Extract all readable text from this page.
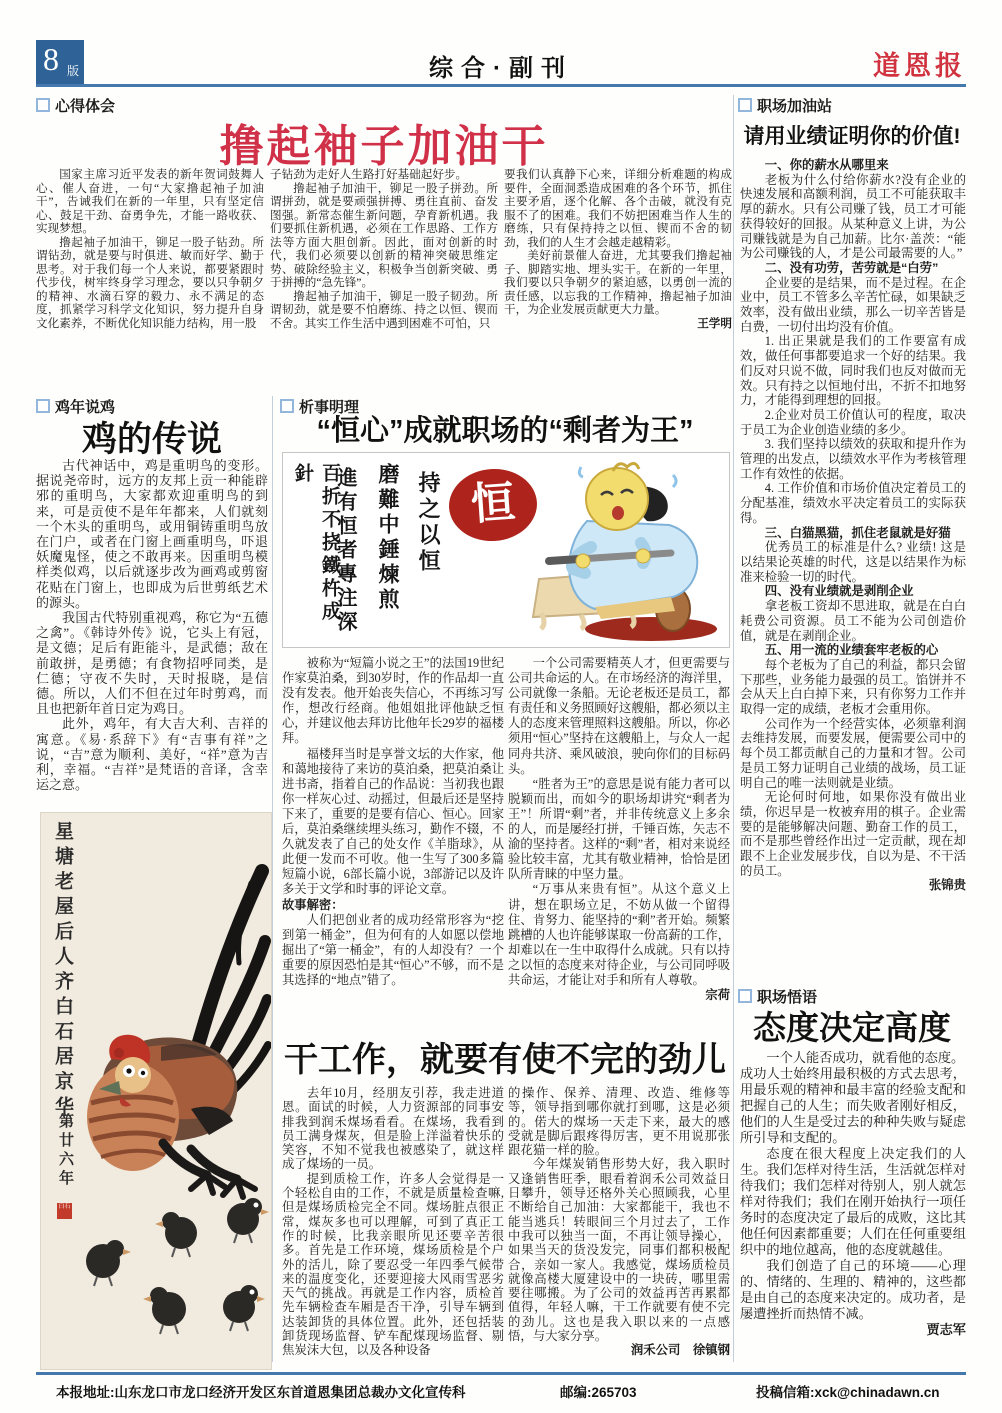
8 版	综合·副刊	道恩报
心得体会
撸起袖子加油干

国家主席习近平发表的新年贺词鼓舞人心、催人奋进，一句“大家撸起袖子加油干”，告诫我们在新的一年里，只有坚定信心、鼓足干劲、奋勇争先，才能一路收获、实现梦想。

撸起袖子加油干，铆足一股子钻劲。所谓钻劲，就是要与时俱进、敏而好学、勤于思考。对于我们每一个人来说，都要紧跟时代步伐，树牢终身学习理念，要以只争朝夕的精神、水滴石穿的毅力、永不满足的态度，抓紧学习科学文化知识，努力提升自身文化素养，不断优化知识能力结构，用一股

子钻劲为走好人生路打好基础起好步。

撸起袖子加油干，铆足一股子拼劲。所谓拼劲，就是要顽强拼搏、勇往直前、奋发图强。新常态催生新问题，孕育新机遇。我们要抓住新机遇，必须在工作思路、工作方法等方面大胆创新。因此，面对创新的时代，我们必须要以创新的精神突破思维定势、破除经验主义，积极争当创新突破、勇于拼搏的“急先锋”。

撸起袖子加油干，铆足一股子韧劲。所谓韧劲，就是要不怕磨练、持之以恒、锲而不舍。其实工作生活中遇到困难不可怕，只

要我们认真静下心来，详细分析难题的构成要件，全面洞悉造成困难的各个环节，抓住主要矛盾，逐个化解、各个击破，就没有克服不了的困难。我们不妨把困难当作人生的磨练，只有保持持之以恒、锲而不舍的韧劲，我们的人生才会越走越精彩。

美好前景催人奋进，尤其要我们撸起袖子、脚踏实地、埋头实干。在新的一年里，我们要以只争朝夕的紧迫感，以勇创一流的责任感，以忘我的工作精神，撸起袖子加油干，为企业发展贡献更大力量。

王学明

职场加油站
请用业绩证明你的价值!

一、你的薪水从哪里来

老板为什么付给你薪水?没有企业的快速发展和高额利润，员工不可能获取丰厚的薪水。只有公司赚了钱，员工才可能获得较好的回报。从某种意义上讲，为公司赚钱就是为自己加薪。比尔·盖茨：“能为公司赚钱的人，才是公司最需要的人。”

二、没有功劳，苦劳就是“白劳”

企业要的是结果，而不是过程。在企业中，员工不管多么辛苦忙碌，如果缺乏效率，没有做出业绩，那么一切辛苦皆是白费，一切付出均没有价值。

1. 出正果就是我们的工作要富有成效，做任何事都要追求一个好的结果。我们反对只说不做，同时我们也反对做而无效。只有持之以恒地付出，不折不扣地努力，才能得到理想的回报。

2.企业对员工价值认可的程度，取决于员工为企业创造业绩的多少。

3. 我们坚持以绩效的获取和提升作为管理的出发点，以绩效水平作为考核管理工作有效性的依据。

4. 工作价值和市场价值决定着员工的分配基准，绩效水平决定着员工的实际获得。

三、白猫黑猫，抓住老鼠就是好猫

优秀员工的标准是什么? 业绩! 这是以结果论英雄的时代，这是以结果作为标准来检验一切的时代。

四、没有业绩就是剥削企业

拿老板工资却不思进取，就是在白白耗费公司资源。员工不能为公司创造价值，就是在剥削企业。

五、用一流的业绩套牢老板的心

每个老板为了自己的利益，都只会留下那些，业务能力最强的员工。馅饼并不会从天上白白掉下来，只有你努力工作并取得一定的成绩，老板才会重用你。

公司作为一个经营实体，必须靠利润去维持发展，而要发展，便需要公司中的每个员工都贡献自己的力量和才智。公司是员工努力证明自己业绩的战场，员工证明自己的唯一法则就是业绩。

无论何时何地，如果你没有做出业绩，你迟早是一枚被弃用的棋子。企业需要的是能够解决问题、勤奋工作的员工，而不是那些曾经作出过一定贡献，现在却跟不上企业发展步伐，自以为是、不干活的员工。

张锦贵

鸡年说鸡
鸡的传说

古代神话中，鸡是重明鸟的变形。据说尧帝时，远方的友邦上贡一种能辟邪的重明鸟，大家都欢迎重明鸟的到来，可是贡使不是年年都来，人们就刻一个木头的重明鸟，或用铜铸重明鸟放在门户，或者在门窗上画重明鸟，吓退妖魔鬼怪，使之不敢再来。因重明鸟模样类似鸡，以后就逐步改为画鸡或剪窗花贴在门窗上，也即成为后世剪纸艺术的源头。

我国古代特别重视鸡，称它为“五德之禽”。《韩诗外传》说，它头上有冠，是文德；足后有距能斗，是武德；敌在前敢拼，是勇德；有食物招呼同类，是仁德；守夜不失时，天时报晓，是信德。所以，人们不但在过年时剪鸡，而且也把新年首日定为鸡日。

此外，鸡年，有大吉大利、吉祥的寓意。《易·系辞下》有“吉事有祥”之说，“吉”意为顺利、美好，“祥”意为吉利，幸福。“吉祥”是梵语的音译，含幸运之意。

星塘老屋后人齐白石居京华
第廿六年
白石
析事明理
“恒心”成就职场的“剩者为王”
百折不挠鐵杵成針	進有恒者專注深 磨難中錘煉煎 持之以恒 恒

被称为“短篇小说之王”的法国19世纪作家莫泊桑，到30岁时，作的作品却一直没有发表。他开始丧失信心，不再练习写作，想改行经商。他姐姐批评他缺乏恒心，并建议他去拜访比他年长29岁的福楼拜。

福楼拜当时是享誉文坛的大作家，他和蔼地接待了来访的莫泊桑，把莫泊桑让进书斋，指着自己的作品说：当初我也跟你一样灰心过、动摇过，但最后还是坚持下来了，重要的是要有信心、恒心。回家后，莫泊桑继续埋头练习，勤作不辍，不久就发表了自己的处女作《羊脂球》，从此便一发而不可收。他一生写了300多篇短篇小说，6部长篇小说，3部游记以及许多关于文学和时事的评论文章。

故事解密：

人们把创业者的成功经常形容为“挖到第一桶金”，但为何有的人如愿以偿地掘出了“第一桶金”，有的人却没有？一个重要的原因恐怕是其“恒心”不够，而不是其选择的“地点”错了。

一个公司需要精英人才，但更需要与公司共命运的人。在市场经济的海洋里，公司就像一条船。无论老板还是员工，都有责任和义务照顾好这艘船，都必须以主人的态度来管理照料这艘船。所以，你必须用“恒心”坚持在这艘船上，与众人一起同舟共济、乘风破浪，驶向你们的目标码头。

“胜者为王”的意思是说有能力者可以脱颖而出，而如今的职场却讲究“剩者为王”！所谓“剩”者，并非传统意义上多余的人，而是屡经打拼，千锤百炼，矢志不渝的坚持者。这样的“剩”者，相对来说经验比较丰富，尤其有敬业精神，恰恰是团队所青睐的中坚力量。

“万事从来贵有恒”。从这个意义上讲，想在职场立足，不妨从做一个留得住、肯努力、能坚持的“剩”者开始。频繁跳槽的人也许能够谋取一份高薪的工作，却难以在一生中取得什么成就。只有以持之以恒的态度来对待企业，与公司同呼吸共命运，才能让对手和所有人尊敬。

宗荷

干工作，就要有使不完的劲儿

去年10月，经朋友引荐，我走进道恩。面试的时候，人力资源部的同事安排我到润禾煤场看看。在煤场，我看到员工满身煤灰，但是脸上洋溢着快乐的笑容，不知不觉我也被感染了，就这样成了煤场的一员。

提到质检工作，许多人会觉得是一个轻松自由的工作，不就是质量检查嘛,但是煤场质检完全不同。煤场脏点很正常，煤灰多也可以理解，可到了真正工作的时候，比我亲眼所见还要辛苦很多。首先是工作环境，煤场质检是个户外的活儿，除了要忍受一年四季气候带来的温度变化，还要迎接大风雨雪恶劣天气的挑战。再就是工作内容，质检首先车辆检查车厢是否干净，引导车辆到达装卸货的具体位置。此外，还包括装卸货现场监督、铲车配煤现场监督、剔焦炭沫大包，以及各种设备

的操作、保养、清理、改造、维修等等，领导指到哪你就打到哪，这是必须的。偌大的煤场一天走下来，最大的感受就是脚后跟疼得厉害，更不用说那张跟花猫一样的脸。

今年煤炭销售形势大好，我入职时又逢销售旺季，眼看着润禾公司效益日日攀升，领导还格外关心照顾我，心里不断给自己加油：大家都能干，我也不能当逃兵！转眼间三个月过去了，工作中我可以独当一面，不再让领导操心，如果当天的货没发完，同事们都积极配合，亲如一家人。我感觉，煤场质检员就像高楼大厦建设中的一块砖，哪里需要往哪搬。为了公司的效益再苦再累都值得，年轻人嘛，干工作就要有使不完的劲儿。这也是我入职以来的一点感悟，与大家分享。

润禾公司　徐镇钢

职场悟语
态度决定高度

一个人能否成功，就看他的态度。

成功人士始终用最积极的方式去思考，用最乐观的精神和最丰富的经验支配和把握自己的人生；而失败者刚好相反，他们的人生是受过去的种种失败与疑虑所引导和支配的。

态度在很大程度上决定我们的人生。我们怎样对待生活，生活就怎样对待我们；我们怎样对待别人，别人就怎样对待我们；我们在刚开始执行一项任务时的态度决定了最后的成败，这比其他任何因素都重要；人们在任何重要组织中的地位越高，他的态度就越佳。

我们创造了自己的环境——心理的、情绪的、生理的、精神的，这些都是由自己的态度来决定的。成功者，是屡遭挫折而热情不减。

贾志军

本报地址:山东龙口市龙口经济开发区东首道恩集团总裁办文化宣传科	邮编:265703	投稿信箱:xck@chinadawn.cn
